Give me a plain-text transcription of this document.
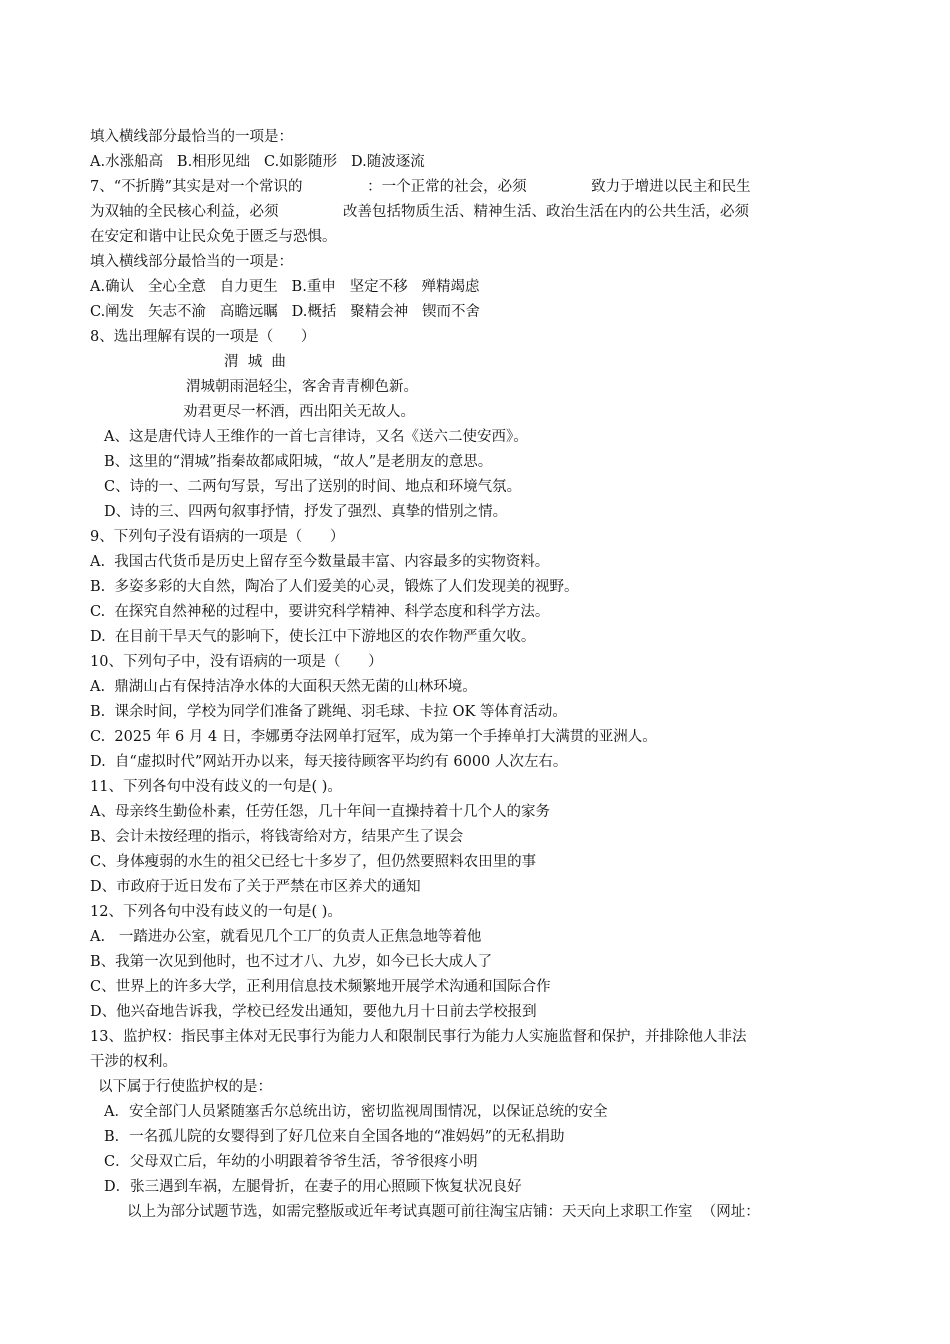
填入横线部分最恰当的一项是：
A.水涨船高   B.相形见绌   C.如影随形   D.随波逐流
7、“不折腾”其实是对一个常识的              ：一个正常的社会，必须              致力于增进以民主和民生
为双轴的全民核心利益，必须              改善包括物质生活、精神生活、政治生活在内的公共生活，必须
在安定和谐中让民众免于匮乏与恐惧。
填入横线部分最恰当的一项是：
A.确认   全心全意   自力更生   B.重申   坚定不移   殚精竭虑
C.阐发   矢志不渝   高瞻远瞩   D.概括   聚精会神   锲而不舍
8、选出理解有误的一项是（      ）
渭  城  曲
渭城朝雨浥轻尘，客舍青青柳色新。
劝君更尽一杯酒，西出阳关无故人。
A、这是唐代诗人王维作的一首七言律诗，又名《送六二使安西》。
B、这里的“渭城”指秦故都咸阳城，“故人”是老朋友的意思。
C、诗的一、二两句写景，写出了送别的时间、地点和环境气氛。
D、诗的三、四两句叙事抒情，抒发了强烈、真挚的惜别之情。
9、下列句子没有语病的一项是（      ）
A.  我国古代货币是历史上留存至今数量最丰富、内容最多的实物资料。
B.  多姿多彩的大自然，陶冶了人们爱美的心灵，锻炼了人们发现美的视野。
C.  在探究自然神秘的过程中，要讲究科学精神、科学态度和科学方法。
D.  在目前干旱天气的影响下，使长江中下游地区的农作物严重欠收。
10、下列句子中，没有语病的一项是（      ）
A.  鼎湖山占有保持洁净水体的大面积天然无菌的山林环境。
B.  课余时间，学校为同学们准备了跳绳、羽毛球、卡拉 OK 等体育活动。
C.  2025 年 6 月 4 日，李娜勇夺法网单打冠军，成为第一个手捧单打大满贯的亚洲人。
D.  自“虚拟时代”网站开办以来，每天接待顾客平均约有 6000 人次左右。
11、下列各句中没有歧义的一句是( )。
A、母亲终生勤俭朴素，任劳任怨，几十年间一直操持着十几个人的家务
B、会计未按经理的指示，将钱寄给对方，结果产生了误会
C、身体瘦弱的水生的祖父已经七十多岁了，但仍然要照料农田里的事
D、市政府于近日发布了关于严禁在市区养犬的通知
12、下列各句中没有歧义的一句是( )。
A.   一踏进办公室，就看见几个工厂的负责人正焦急地等着他
B、我第一次见到他时，也不过才八、九岁，如今已长大成人了
C、世界上的许多大学，正利用信息技术频繁地开展学术沟通和国际合作
D、他兴奋地告诉我，学校已经发出通知，要他九月十日前去学校报到
13、监护权：指民事主体对无民事行为能力人和限制民事行为能力人实施监督和保护，并排除他人非法
干涉的权利。
以下属于行使监护权的是：
A．安全部门人员紧随塞舌尔总统出访，密切监视周围情况，以保证总统的安全
B．一名孤儿院的女婴得到了好几位来自全国各地的“准妈妈”的无私捐助
C．父母双亡后，年幼的小明跟着爷爷生活，爷爷很疼小明
D．张三遇到车祸，左腿骨折，在妻子的用心照顾下恢复状况良好
以上为部分试题节选，如需完整版或近年考试真题可前往淘宝店铺：天天向上求职工作室  （网址：
